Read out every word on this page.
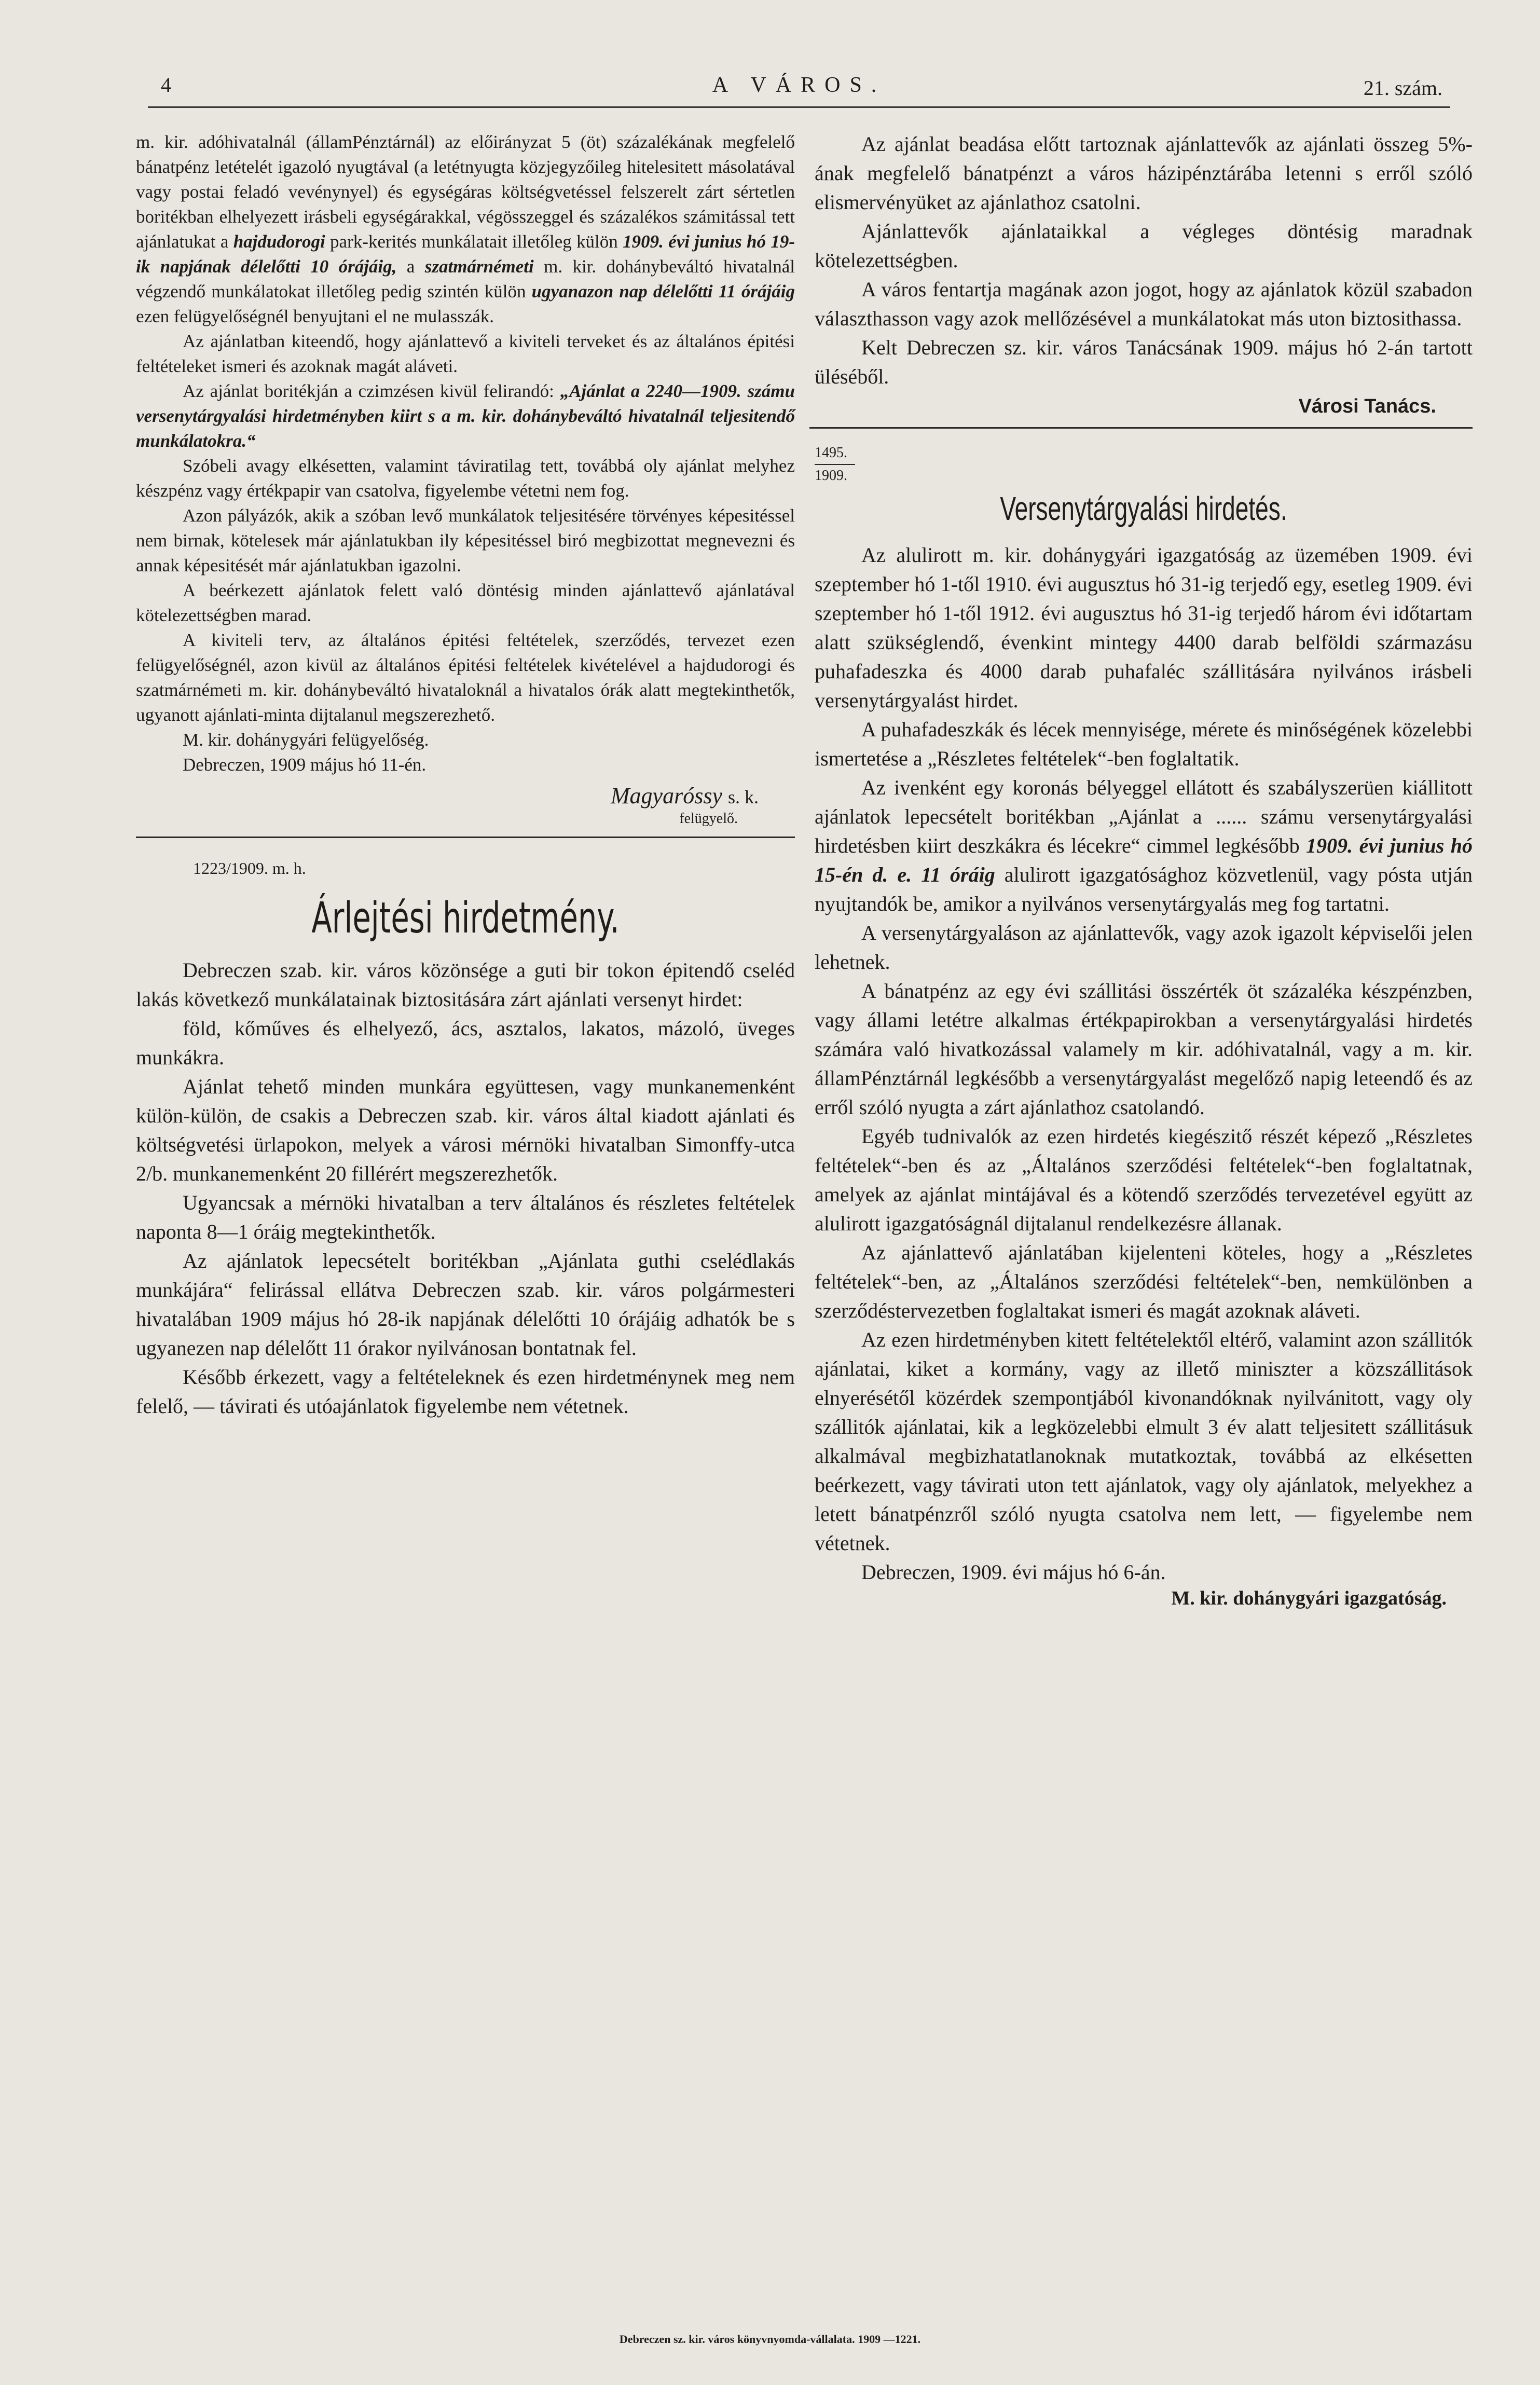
4	A VÁROS.	21. szám.

m. kir. adóhivatalnál (államPénztárnál) az előirányzat 5 (öt) százalékának megfelelő bánatpénz letételét igazoló nyugtával (a letétnyugta közjegyzőileg hitelesitett másolatával vagy postai feladó vevénynyel) és egységáras költségvetéssel felszerelt zárt sértetlen boritékban elhelyezett irásbeli egységárakkal, végösszeggel és százalékos számitással tett ajánlatukat a hajdudorogi park-kerités munkálatait illetőleg külön 1909. évi junius hó 19-ik napjának délelőtti 10 órájáig, a szatmárnémeti m. kir. dohánybeváltó hivatalnál végzendő munkálatokat illetőleg pedig szintén külön ugyanazon nap délelőtti 11 órájáig ezen felügyelőségnél benyujtani el ne mulasszák.

Az ajánlatban kiteendő, hogy ajánlattevő a kiviteli terveket és az általános épitési feltételeket ismeri és azoknak magát aláveti.

Az ajánlat boritékján a czimzésen kivül felirandó: „Ajánlat a 2240—1909. számu versenytárgyalási hirdetményben kiirt s a m. kir. dohánybeváltó hivatalnál teljesitendő munkálatokra.“

Szóbeli avagy elkésetten, valamint táviratilag tett, továbbá oly ajánlat melyhez készpénz vagy értékpapir van csatolva, figyelembe vétetni nem fog.

Azon pályázók, akik a szóban levő munkálatok teljesitésére törvényes képesitéssel nem birnak, kötelesek már ajánlatukban ily képesitéssel biró megbizottat megnevezni és annak képesitését már ajánlatukban igazolni.

A beérkezett ajánlatok felett való döntésig minden ajánlattevő ajánlatával kötelezettségben marad.

A kiviteli terv, az általános épitési feltételek, szerződés, tervezet ezen felügyelőségnél, azon kivül az általános épitési feltételek kivételével a hajdudorogi és szatmárnémeti m. kir. dohánybeváltó hivataloknál a hivatalos órák alatt megtekinthetők, ugyanott ajánlati-minta dijtalanul megszerezhető.

M. kir. dohánygyári felügyelőség.

Debreczen, 1909 május hó 11-én.

Magyaróssy s. k.
felügyelő.
1223/1909. m. h.
Árlejtési hirdetmény.

Debreczen szab. kir. város közönsége a guti bir tokon épitendő cseléd lakás következő munkálatainak biztositására zárt ajánlati versenyt hirdet:

föld, kőműves és elhelyező, ács, asztalos, lakatos, mázoló, üveges munkákra.

Ajánlat tehető minden munkára együttesen, vagy munkanemenként külön-külön, de csakis a Debreczen szab. kir. város által kiadott ajánlati és költségvetési ürlapokon, melyek a városi mérnöki hivatalban Simonffy-utca 2/b. munkanemenként 20 fillérért megszerezhetők.

Ugyancsak a mérnöki hivatalban a terv általános és részletes feltételek naponta 8—1 óráig megtekinthetők.

Az ajánlatok lepecsételt boritékban „Ajánlata guthi cselédlakás munkájára“ felirással ellátva Debreczen szab. kir. város polgármesteri hivatalában 1909 május hó 28-ik napjának délelőtti 10 órájáig adhatók be s ugyanezen nap délelőtt 11 órakor nyilvánosan bontatnak fel.

Később érkezett, vagy a feltételeknek és ezen hirdetménynek meg nem felelő, — távirati és utóajánlatok figyelembe nem vétetnek.

Az ajánlat beadása előtt tartoznak ajánlattevők az ajánlati összeg 5%-ának megfelelő bánatpénzt a város házipénztárába letenni s erről szóló elismervényüket az ajánlathoz csatolni.

Ajánlattevők ajánlataikkal a végleges döntésig maradnak kötelezettségben.

A város fentartja magának azon jogot, hogy az ajánlatok közül szabadon választhasson vagy azok mellőzésével a munkálatokat más uton biztosithassa.

Kelt Debreczen sz. kir. város Tanácsának 1909. május hó 2-án tartott üléséből.

Városi Tanács.
1495.
1909.
Versenytárgyalási hirdetés.

Az alulirott m. kir. dohánygyári igazgatóság az üzemében 1909. évi szeptember hó 1-től 1910. évi augusztus hó 31-ig terjedő egy, esetleg 1909. évi szeptember hó 1-től 1912. évi augusztus hó 31-ig terjedő három évi időtartam alatt szükséglendő, évenkint mintegy 4400 darab belföldi származásu puhafadeszka és 4000 darab puhafaléc szállitására nyilvános irásbeli versenytárgyalást hirdet.

A puhafadeszkák és lécek mennyisége, mérete és minőségének közelebbi ismertetése a „Részletes feltételek“-ben foglaltatik.

Az ivenként egy koronás bélyeggel ellátott és szabályszerüen kiállitott ajánlatok lepecsételt boritékban „Ajánlat a ...... számu versenytárgyalási hirdetésben kiirt deszkákra és lécekre“ cimmel legkésőbb 1909. évi junius hó 15-én d. e. 11 óráig alulirott igazgatósághoz közvetlenül, vagy pósta utján nyujtandók be, amikor a nyilvános versenytárgyalás meg fog tartatni.

A versenytárgyaláson az ajánlattevők, vagy azok igazolt képviselői jelen lehetnek.

A bánatpénz az egy évi szállitási összérték öt százaléka készpénzben, vagy állami letétre alkalmas értékpapirokban a versenytárgyalási hirdetés számára való hivatkozással valamely m kir. adóhivatalnál, vagy a m. kir. államPénztárnál legkésőbb a versenytárgyalást megelőző napig leteendő és az erről szóló nyugta a zárt ajánlathoz csatolandó.

Egyéb tudnivalók az ezen hirdetés kiegészitő részét képező „Részletes feltételek“-ben és az „Általános szerződési feltételek“-ben foglaltatnak, amelyek az ajánlat mintájával és a kötendő szerződés tervezetével együtt az alulirott igazgatóságnál dijtalanul rendelkezésre állanak.

Az ajánlattevő ajánlatában kijelenteni köteles, hogy a „Részletes feltételek“-ben, az „Általános szerződési feltételek“-ben, nemkülönben a szerződéstervezetben foglaltakat ismeri és magát azoknak aláveti.

Az ezen hirdetményben kitett feltételektől eltérő, valamint azon szállitók ajánlatai, kiket a kormány, vagy az illető miniszter a közszállitások elnyerésétől közérdek szempontjából kivonandóknak nyilvánitott, vagy oly szállitók ajánlatai, kik a legközelebbi elmult 3 év alatt teljesitett szállitásuk alkalmával megbizhatatlanoknak mutatkoztak, továbbá az elkésetten beérkezett, vagy távirati uton tett ajánlatok, vagy oly ajánlatok, melyekhez a letett bánatpénzről szóló nyugta csatolva nem lett, — figyelembe nem vétetnek.

Debreczen, 1909. évi május hó 6-án.

M. kir. dohánygyári igazgatóság.
Debreczen sz. kir. város könyvnyomda-vállalata. 1909 —1221.
